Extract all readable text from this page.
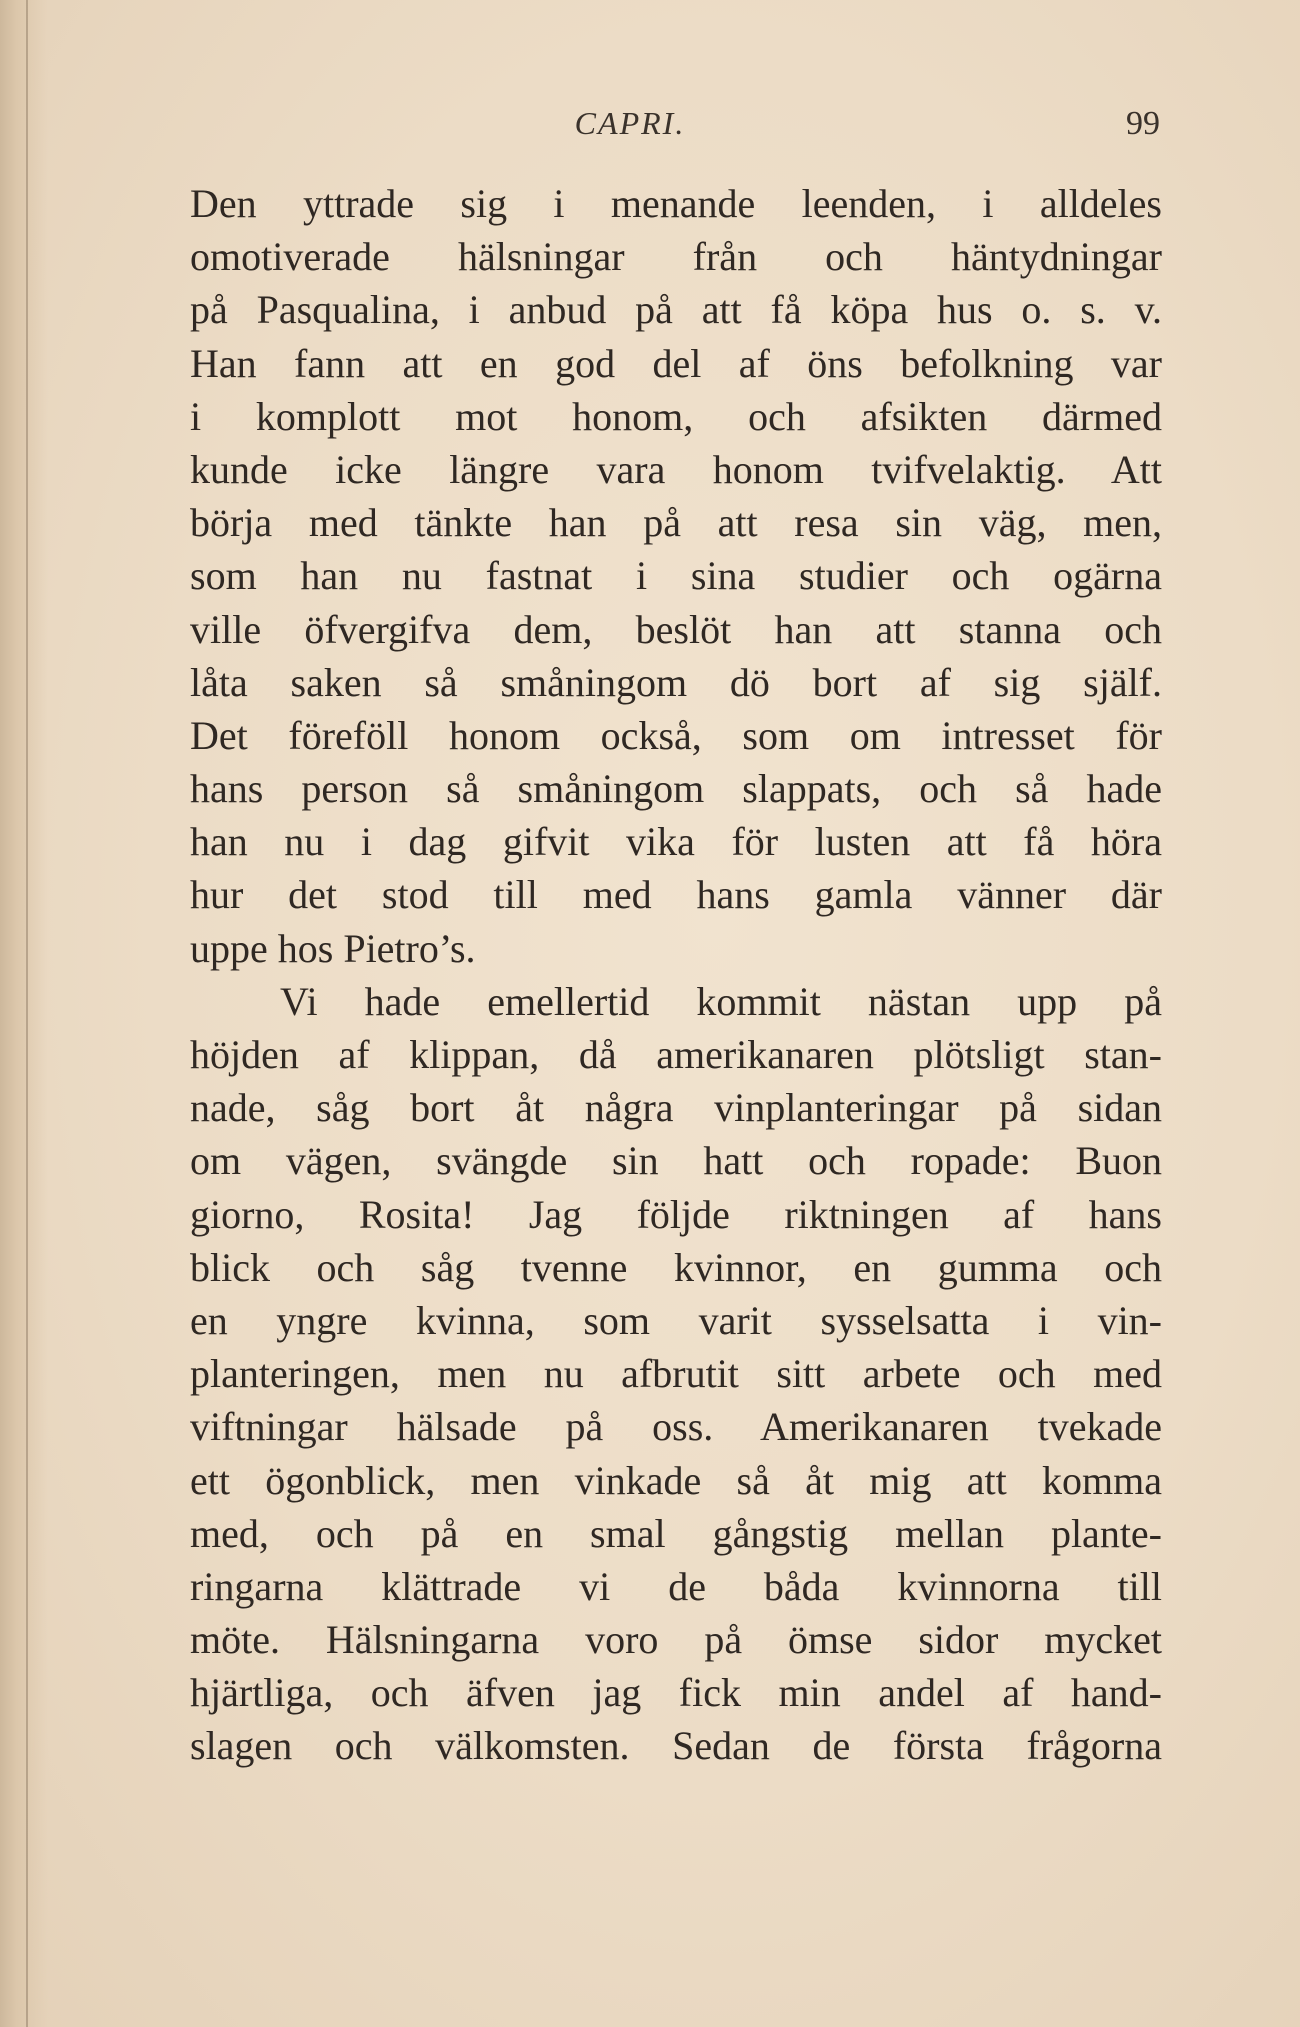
CAPRI.	99
Den yttrade sig i menande leenden, i alldeles
omotiverade hälsningar från och häntydningar
på Pasqualina, i anbud på att få köpa hus o. s. v.
Han fann att en god del af öns befolkning var
i komplott mot honom, och afsikten därmed
kunde icke längre vara honom tvifvelaktig. Att
börja med tänkte han på att resa sin väg, men,
som han nu fastnat i sina studier och ogärna
ville öfvergifva dem, beslöt han att stanna och
låta saken så småningom dö bort af sig själf.
Det föreföll honom också, som om intresset för
hans person så småningom slappats, och så hade
han nu i dag gifvit vika för lusten att få höra
hur det stod till med hans gamla vänner där
uppe hos Pietro’s.
Vi hade emellertid kommit nästan upp på
höjden af klippan, då amerikanaren plötsligt stan-
nade, såg bort åt några vinplanteringar på sidan
om vägen, svängde sin hatt och ropade: Buon
giorno, Rosita! Jag följde riktningen af hans
blick och såg tvenne kvinnor, en gumma och
en yngre kvinna, som varit sysselsatta i vin-
planteringen, men nu afbrutit sitt arbete och med
viftningar hälsade på oss. Amerikanaren tvekade
ett ögonblick, men vinkade så åt mig att komma
med, och på en smal gångstig mellan plante-
ringarna klättrade vi de båda kvinnorna till
möte. Hälsningarna voro på ömse sidor mycket
hjärtliga, och äfven jag fick min andel af hand-
slagen och välkomsten. Sedan de första frågorna
